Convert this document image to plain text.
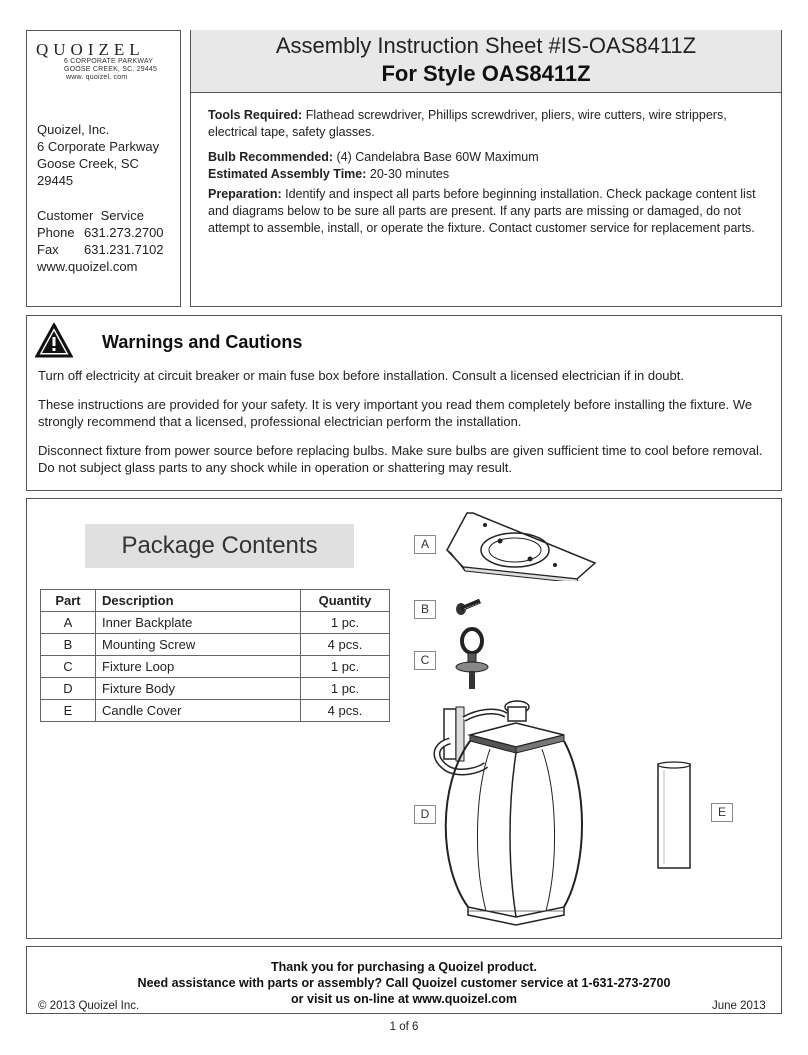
QUOIZEL
6 CORPORATE PARKWAY
GOOSE CREEK, SC. 29445
www. quoizel. com
Quoizel, Inc.
6 Corporate Parkway
Goose Creek, SC
29445
Customer  Service
Phone 631.273.2700
Fax 631.231.7102
www.quoizel.com
Assembly Instruction Sheet #IS-OAS8411Z
For Style OAS8411Z
Tools Required: Flathead screwdriver, Phillips screwdriver, pliers, wire cutters, wire strippers, electrical tape, safety glasses.
Bulb Recommended: (4) Candelabra Base 60W Maximum
Estimated Assembly Time: 20-30 minutes
Preparation: Identify and inspect all parts before beginning installation. Check package content list and diagrams below to be sure all parts are present. If any parts are missing or damaged, do not attempt to assemble, install, or operate the fixture. Contact customer service for replacement parts.
Warnings and Cautions
Turn off electricity at circuit breaker or main fuse box before installation. Consult a licensed electrician if in doubt.
These instructions are provided for your safety. It is very important you read them completely before installing the fixture. We strongly recommend that a licensed, professional electrician perform the installation.
Disconnect fixture from power source before replacing bulbs. Make sure bulbs are given sufficient time to cool before removal. Do not subject glass parts to any shock while in operation or shattering may result.
Package Contents
Part	Description	Quantity
A	Inner Backplate	1 pc.
B	Mounting Screw	4 pcs.
C	Fixture Loop	1 pc.
D	Fixture Body	1 pc.
E	Candle Cover	4 pcs.
A
B
C
D	E
Thank you for purchasing a Quoizel product.
Need assistance with parts or assembly? Call Quoizel customer service at 1-631-273-2700
or visit us on-line at www.quoizel.com
© 2013 Quoizel Inc.	June 2013
1 of 6
